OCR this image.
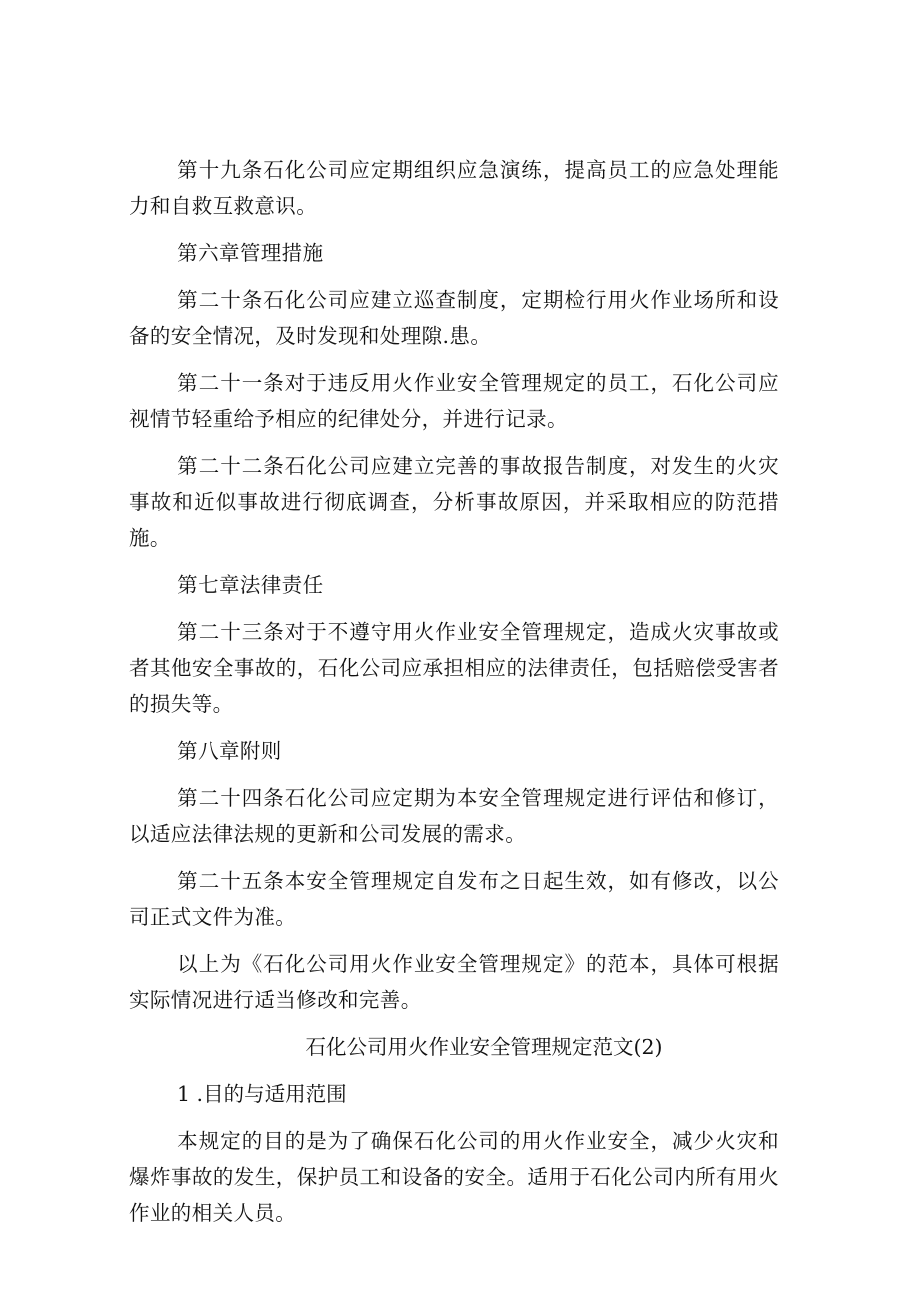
第十九条石化公司应定期组织应急演练，提高员工的应急处理能力和自救互救意识。

第六章管理措施

第二十条石化公司应建立巡查制度，定期检行用火作业场所和设备的安全情况，及时发现和处理隙.患。

第二十一条对于违反用火作业安全管理规定的员工，石化公司应视情节轻重给予相应的纪律处分，并进行记录。

第二十二条石化公司应建立完善的事故报告制度，对发生的火灾事故和近似事故进行彻底调查，分析事故原因，并采取相应的防范措施。

第七章法律责任

第二十三条对于不遵守用火作业安全管理规定，造成火灾事故或者其他安全事故的，石化公司应承担相应的法律责任，包括赔偿受害者的损失等。

第八章附则

第二十四条石化公司应定期为本安全管理规定进行评估和修订，以适应法律法规的更新和公司发展的需求。

第二十五条本安全管理规定自发布之日起生效，如有修改，以公司正式文件为准。

以上为《石化公司用火作业安全管理规定》的范本，具体可根据实际情况进行适当修改和完善。

石化公司用火作业安全管理规定范文(2)

1 .目的与适用范围

本规定的目的是为了确保石化公司的用火作业安全，减少火灾和爆炸事故的发生，保护员工和设备的安全。适用于石化公司内所有用火作业的相关人员。
